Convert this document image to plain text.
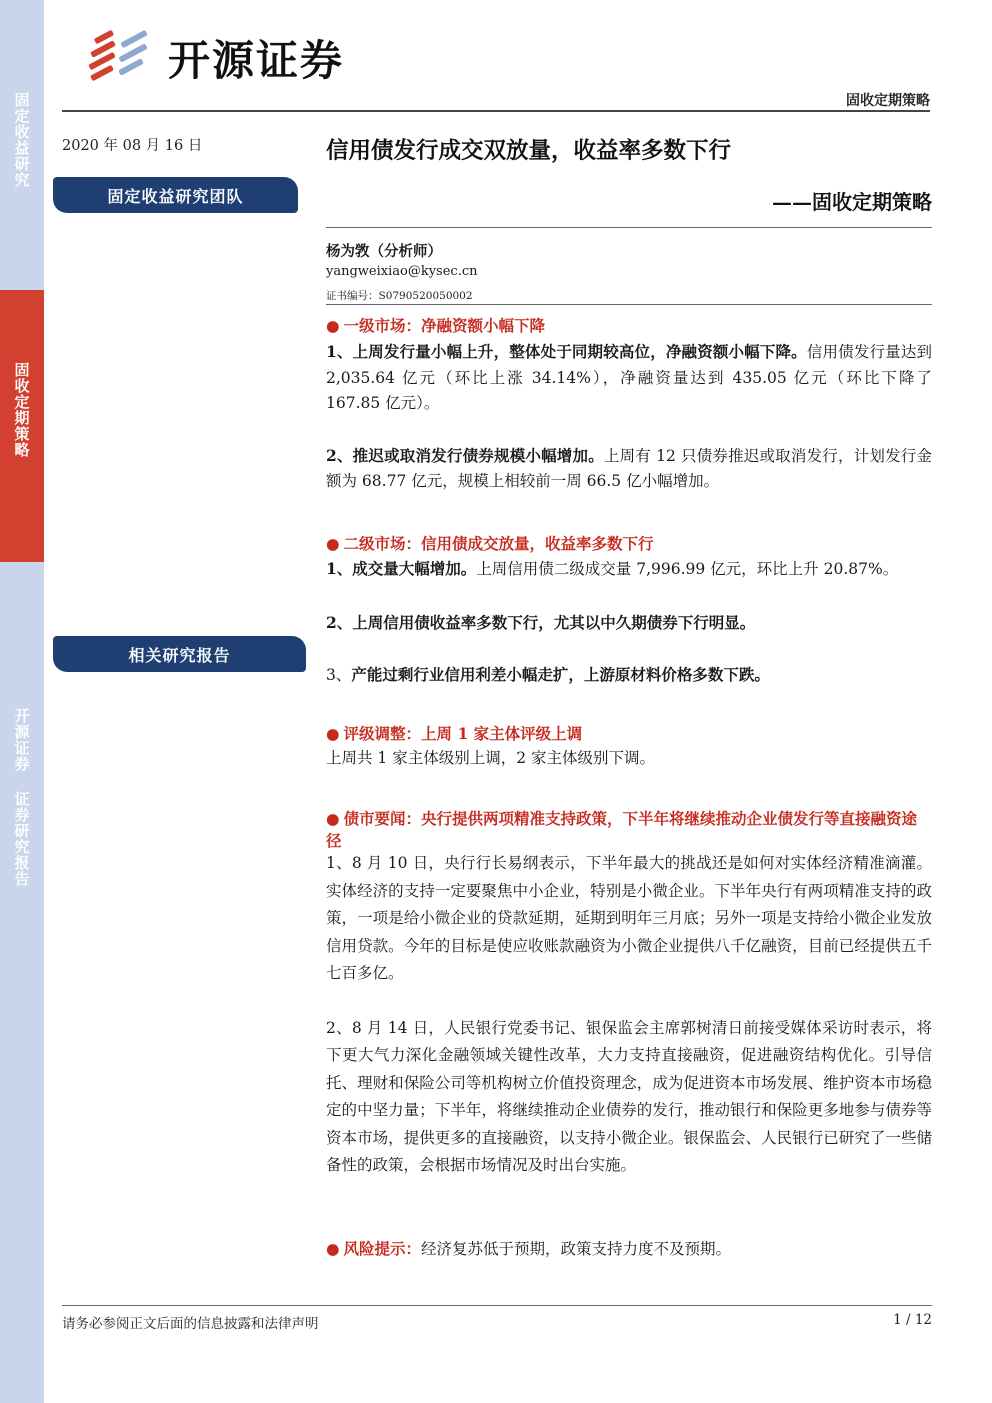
固定收益研究
固收定期策略
开源证券 证券研究报告
开源证券
固收定期策略
2020 年 08 月 16 日
固定收益研究团队
相关研究报告
信用债发行成交双放量，收益率多数下行
——固收定期策略
杨为敩（分析师）
yangweixiao@kysec.cn
证书编号：S0790520050002
● 一级市场：净融资额小幅下降

1、上周发行量小幅上升，整体处于同期较高位，净融资额小幅下降。信用债发行量达到 2,035.64 亿元（环比上涨 34.14%），净融资量达到 435.05 亿元（环比下降了 167.85 亿元）。

2、推迟或取消发行债券规模小幅增加。上周有 12 只债券推迟或取消发行，计划发行金额为 68.77 亿元，规模上相较前一周 66.5 亿小幅增加。

● 二级市场：信用债成交放量，收益率多数下行

1、成交量大幅增加。上周信用债二级成交量 7,996.99 亿元，环比上升 20.87%。

2、上周信用债收益率多数下行，尤其以中久期债券下行明显。

3、产能过剩行业信用利差小幅走扩，上游原材料价格多数下跌。

● 评级调整：上周 1 家主体评级上调

上周共 1 家主体级别上调，2 家主体级别下调。

● 债市要闻：央行提供两项精准支持政策，下半年将继续推动企业债发行等直接融资途径

1、8 月 10 日，央行行长易纲表示，下半年最大的挑战还是如何对实体经济精准滴灌。实体经济的支持一定要聚焦中小企业，特别是小微企业。下半年央行有两项精准支持的政策，一项是给小微企业的贷款延期，延期到明年三月底；另外一项是支持给小微企业发放信用贷款。今年的目标是使应收账款融资为小微企业提供八千亿融资，目前已经提供五千七百多亿。

2、8 月 14 日，人民银行党委书记、银保监会主席郭树清日前接受媒体采访时表示，将下更大气力深化金融领域关键性改革，大力支持直接融资，促进融资结构优化。引导信托、理财和保险公司等机构树立价值投资理念，成为促进资本市场发展、维护资本市场稳定的中坚力量；下半年，将继续推动企业债券的发行，推动银行和保险更多地参与债券等资本市场，提供更多的直接融资，以支持小微企业。银保监会、人民银行已研究了一些储备性的政策，会根据市场情况及时出台实施。

● 风险提示：经济复苏低于预期，政策支持力度不及预期。
请务必参阅正文后面的信息披露和法律声明	1 / 12
